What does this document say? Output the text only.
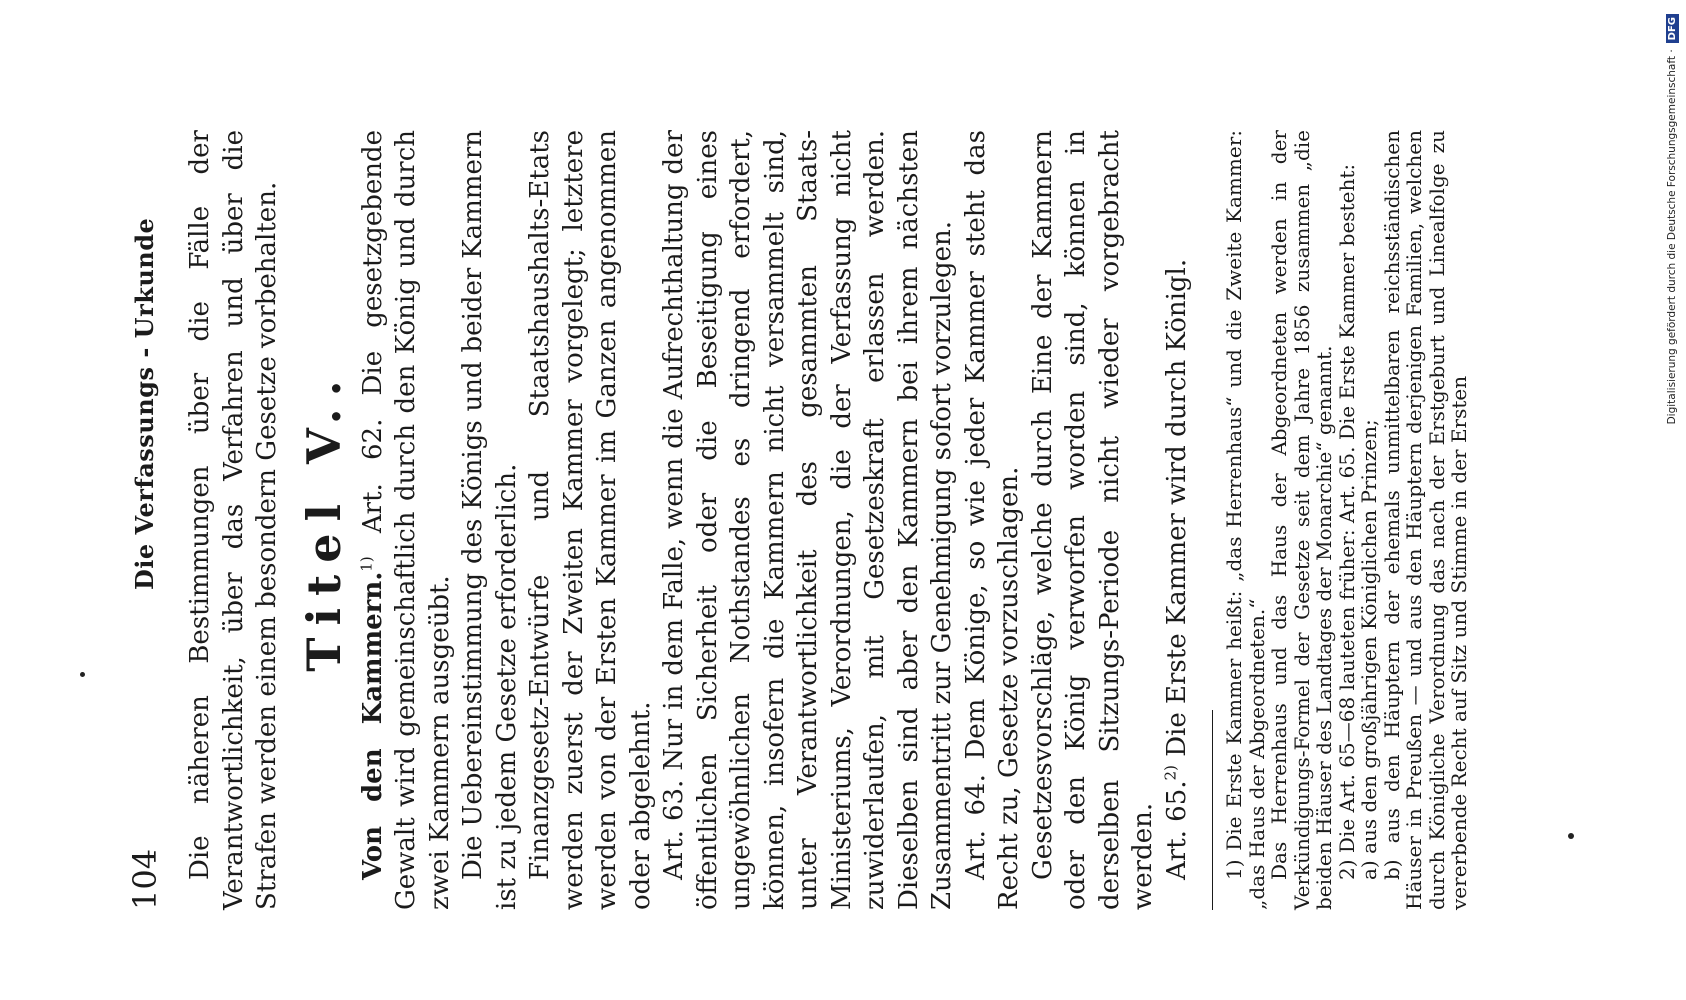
104
Die Verfassungs - Urkunde Die näheren Bestimmungen über die Fälle der Verantwortlichkeit, über das Verfahren und über die Strafen werden einem besondern Gesetze vorbehalten. Titel V..

Von den Kammern.$^{1)}$ Art. 62. Die gesetzgebende Gewalt wird gemeinschaftlich durch den König und durch zwei Kammern ausgeübt. Die Uebereinstimmung des Königs und beider Kammern ist zu jedem Gesetze erforderlich. Finanzgesetz-Entwürfe und Staatshaushalts-Etats werden zuerst der Zweiten Kammer vorgelegt; letztere werden von der Ersten Kammer im Ganzen angenommen oder abgelehnt. Art. 63. Nur in dem Falle, wenn die Aufrechthaltung der öffentlichen Sicherheit oder die Beseitigung eines ungewöhnlichen Nothstandes es dringend erfordert, können, insofern die Kammern nicht versammelt sind, unter Verantwortlichkeit des gesammten Staats-Ministeriums, Verordnungen, die der Verfassung nicht zuwiderlaufen, mit Gesetzeskraft erlassen werden. Dieselben sind aber den Kammern bei ihrem nächsten Zusammentritt zur Genehmigung sofort vorzulegen. Art. 64. Dem Könige, so wie jeder Kammer steht das Recht zu, Gesetze vorzuschlagen. Gesetzesvorschläge, welche durch Eine der Kammern oder den König verworfen worden sind, können in derselben Sitzungs-Periode nicht wieder vorgebracht werden. Art. 65.$^{2)}$ Die Erste Kammer wird durch Königl. 1) Die Erste Kammer heißt: „das Herrenhaus“ und die Zweite Kammer: „das Haus der Abgeordneten.“

Das Herrenhaus und das Haus der Abgeordneten werden in der Verkündigungs-Formel der Gesetze seit dem Jahre 1856 zusammen „die beiden Häuser des Landtages der Monarchie“ genannt.

2) Die Art. 65—68 lauteten früher: Art. 65. Die Erste Kammer besteht:

a) aus den großjährigen Königlichen Prinzen;

b) aus den Häuptern der ehemals unmittelbaren reichsständischen Häuser in Preußen — und aus den Häuptern derjenigen Familien, welchen durch Königliche Verordnung das nach der Erstgeburt und Linealfolge zu vererbende Recht auf Sitz und Stimme in der Ersten

Digitalisierung gefördert durch die Deutsche Forschungsgemeinschaft ·
DFG
